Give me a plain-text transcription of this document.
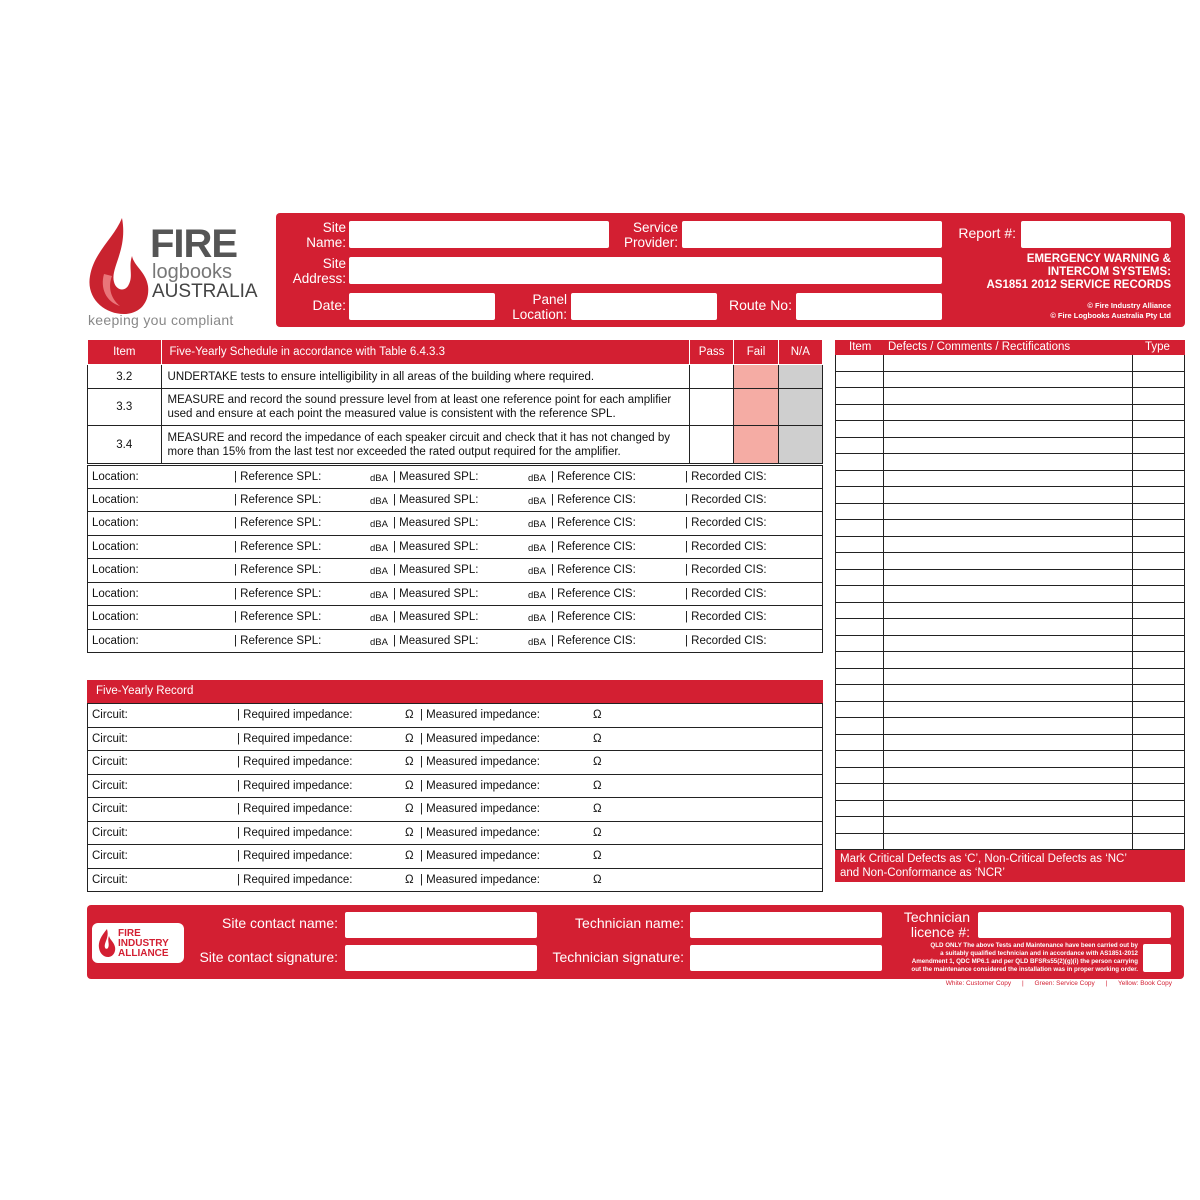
FIRE
logbooks
AUSTRALIA
keeping you compliant
Site
Name:
Service
Provider:
Report #:
Site
Address:
Date:	Panel
Location:
Route No:
EMERGENCY WARNING &
INTERCOM SYSTEMS:
AS1851 2012 SERVICE RECORDS
© Fire Industry Alliance
© Fire Logbooks Australia Pty Ltd
Item	Five-Yearly Schedule in accordance with Table 6.4.3.3	Pass	Fail	N/A
3.2	UNDERTAKE tests to ensure intelligibility in all areas of the building where required.			
3.3	MEASURE and record the sound pressure level from at least one reference point for each amplifier used and ensure at each point the measured value is consistent with the reference SPL.			
3.4	MEASURE and record the impedance of each speaker circuit and check that it has not changed by more than 15% from the last test nor exceeded the rated output required for the amplifier.			
Location:	| Reference SPL:	dBA | Measured SPL:	dBA | Reference CIS:	| Recorded CIS:
Location:	| Reference SPL:	dBA | Measured SPL:	dBA | Reference CIS:	| Recorded CIS:
Location:	| Reference SPL:	dBA | Measured SPL:	dBA | Reference CIS:	| Recorded CIS:
Location:	| Reference SPL:	dBA | Measured SPL:	dBA | Reference CIS:	| Recorded CIS:
Location:	| Reference SPL:	dBA | Measured SPL:	dBA | Reference CIS:	| Recorded CIS:
Location:	| Reference SPL:	dBA | Measured SPL:	dBA | Reference CIS:	| Recorded CIS:
Location:	| Reference SPL:	dBA | Measured SPL:	dBA | Reference CIS:	| Recorded CIS:
Location:	| Reference SPL:	dBA | Measured SPL:	dBA | Reference CIS:	| Recorded CIS:
Five-Yearly Record
Circuit:	| Required impedance:	Ω | Measured impedance:	Ω
Circuit:	| Required impedance:	Ω | Measured impedance:	Ω
Circuit:	| Required impedance:	Ω | Measured impedance:	Ω
Circuit:	| Required impedance:	Ω | Measured impedance:	Ω
Circuit:	| Required impedance:	Ω | Measured impedance:	Ω
Circuit:	| Required impedance:	Ω | Measured impedance:	Ω
Circuit:	| Required impedance:	Ω | Measured impedance:	Ω
Circuit:	| Required impedance:	Ω | Measured impedance:	Ω
Item Defects / Comments / Rectifications	Type
Mark Critical Defects as ‘C’, Non-Critical Defects as ‘NC’
and Non-Conformance as ‘NCR’
FIRE
INDUSTRY
ALLIANCE
Site contact name:
Site contact signature:
Technician name:
Technician signature:
Technician
licence #:
QLD ONLY The above Tests and Maintenance have been carried out by
a suitably qualified technician and in accordance with AS1851-2012
Amendment 1, QDC MP6.1 and per QLD BFSRs55(2)(g)(i) the person carrying
out the maintenance considered the installation was in proper working order.
White: Customer Copy | Green: Service Copy | Yellow: Book Copy
